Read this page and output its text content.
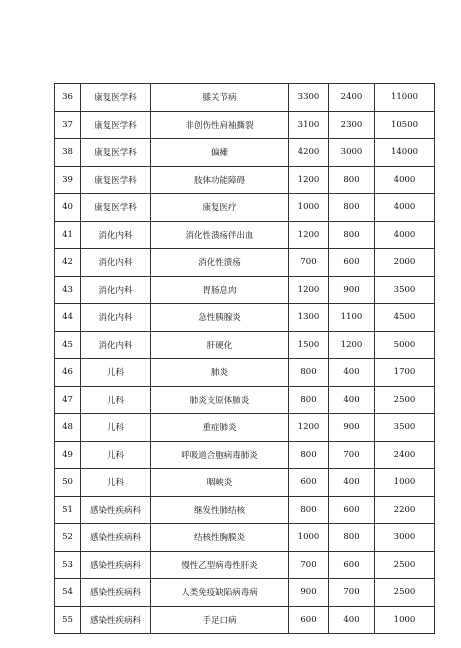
36	康复医学科	膝关节病	3300	2400	11000
37	康复医学科	非创伤性肩袖撕裂	3100	2300	10500
38	康复医学科	偏瘫	4200	3000	14000
39	康复医学科	肢体功能障碍	1200	800	4000
40	康复医学科	康复医疗	1000	800	4000
41	消化内科	消化性溃疡伴出血	1200	800	4000
42	消化内科	消化性溃疡	700	600	2000
43	消化内科	胃肠息肉	1200	900	3500
44	消化内科	急性胰腺炎	1300	1100	4500
45	消化内科	肝硬化	1500	1200	5000
46	儿科	肺炎	800	400	1700
47	儿科	肺炎支原体肺炎	800	400	2500
48	儿科	重症肺炎	1200	900	3500
49	儿科	呼吸道合胞病毒肺炎	800	700	2400
50	儿科	咽峡炎	600	400	1000
51	感染性疾病科	继发性肺结核	800	600	2200
52	感染性疾病科	结核性胸膜炎	1000	800	3000
53	感染性疾病科	慢性乙型病毒性肝炎	700	600	2500
54	感染性疾病科	人类免疫缺陷病毒病	900	700	2500
55	感染性疾病科	手足口病	600	400	1000
